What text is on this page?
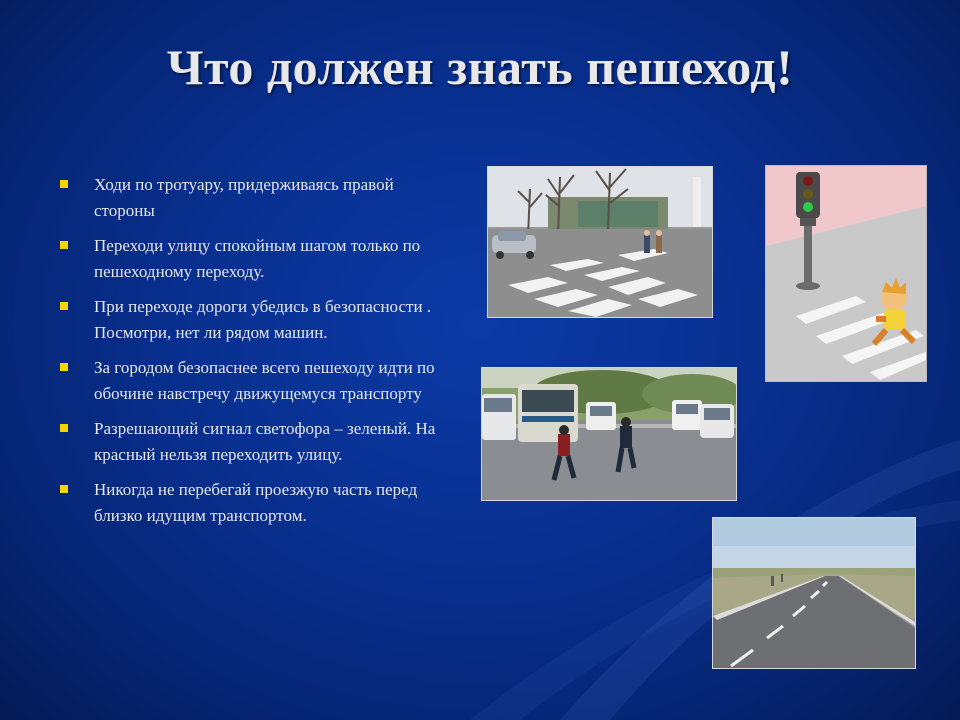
Что должен знать пешеход!
Ходи по тротуару, придерживаясь правой стороны
Переходи улицу спокойным шагом только по пешеходному переходу.
При переходе дороги убедись в безопасности . Посмотри, нет ли рядом машин.
За городом безопаснее всего пешеходу идти по обочине навстречу движущемуся транспорту
Разрешающий сигнал светофора – зеленый. На красный нельзя переходить улицу.
Никогда не перебегай проезжую часть перед близко идущим транспортом.
